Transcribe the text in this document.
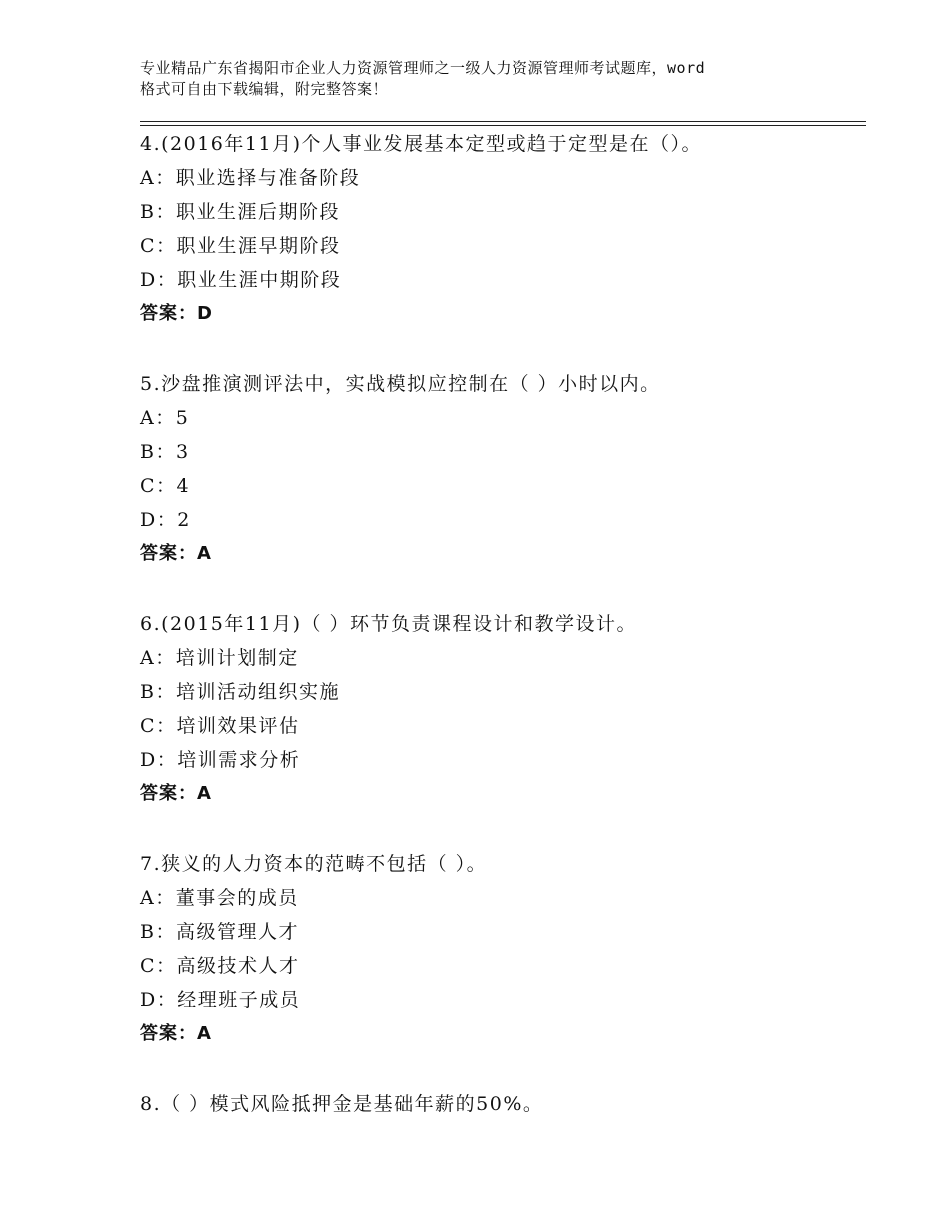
专业精品广东省揭阳市企业人力资源管理师之一级人力资源管理师考试题库，word
格式可自由下载编辑，附完整答案！
4.(2016年11月)个人事业发展基本定型或趋于定型是在（）。
A：职业选择与准备阶段
B：职业生涯后期阶段
C：职业生涯早期阶段
D：职业生涯中期阶段
答案：D
5.沙盘推演测评法中，实战模拟应控制在（ ）小时以内。
A：5
B：3
C：4
D：2
答案：A
6.(2015年11月)（ ）环节负责课程设计和教学设计。
A：培训计划制定
B：培训活动组织实施
C：培训效果评估
D：培训需求分析
答案：A
7.狭义的人力资本的范畴不包括（ ）。
A：董事会的成员
B：高级管理人才
C：高级技术人才
D：经理班子成员
答案：A
8.（ ）模式风险抵押金是基础年薪的50%。
